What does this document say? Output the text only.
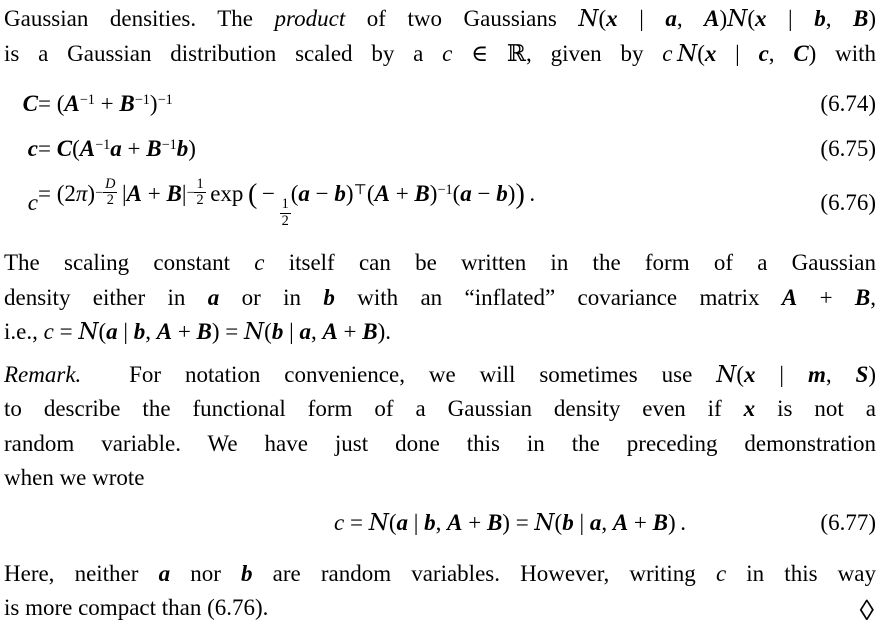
Gaussian densities. The product of two Gaussians N(x | a, A)N(x | b, B)
is a Gaussian distribution scaled by a c ∈ ℝ, given by c  N(x | c, C) with
$C = (A^{-1} + B^{-1})^{-1}$	(6.74)
$c = C(A^{-1}a + B^{-1}b)$	(6.75)
c = (2π) $^{- \frac{D}{2}}$  |A + B| $^{- \frac{1}{2}}$  exp ( − 
$\frac{1}{2}$
$(a - b)^⊤(A + B)^{-1}(a - b)$) .	(6.76)
The scaling constant c itself can be written in the form of a Gaussian
density either in a or in b with an “inflated” covariance matrix A + B,
i.e., c = N(a | b, A + B) = N(b | a, A + B).
Remark.  For notation convenience, we will sometimes use N(x | m, S)
to describe the functional form of a Gaussian density even if x is not a
random variable. We have just done this in the preceding demonstration
when we wrote
c = N(a | b, A + B) = N(b | a, A + B) .	(6.77)
Here, neither a nor b are random variables. However, writing c in this way
is more compact than (6.76).	◊
